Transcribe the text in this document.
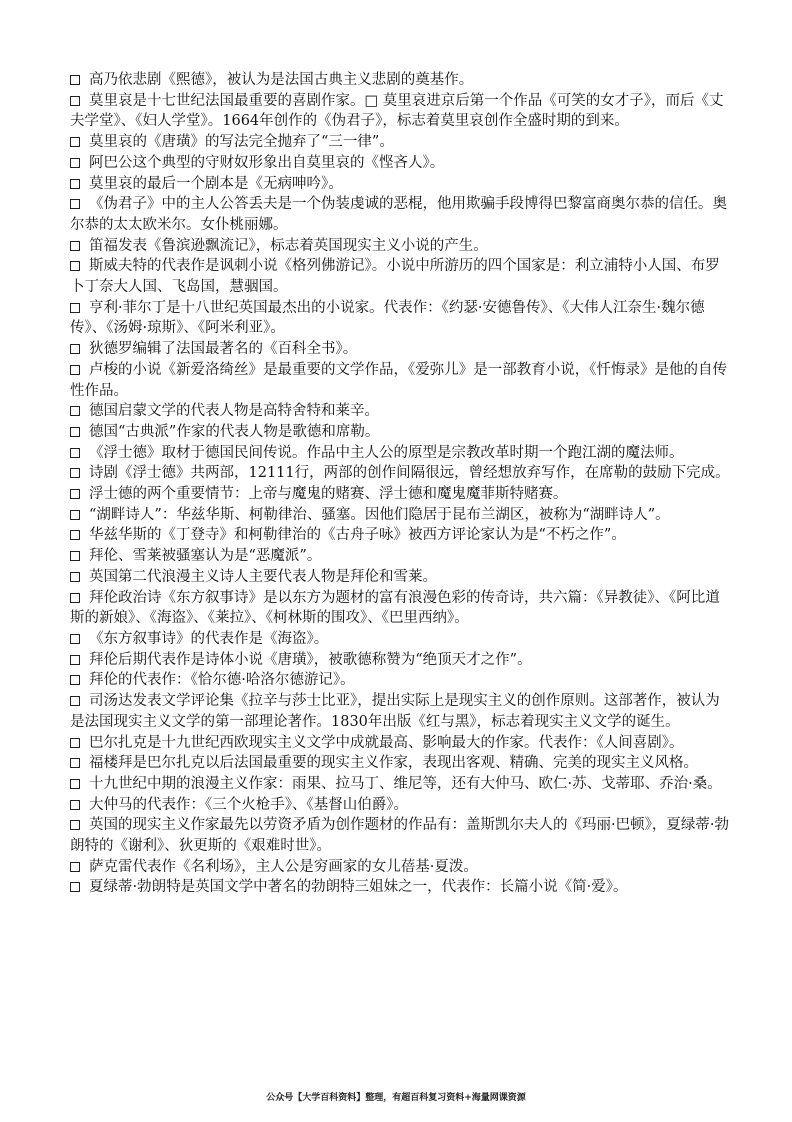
高乃依悲剧《熙德》，被认为是法国古典主义悲剧的奠基作。

莫里哀是十七世纪法国最重要的喜剧作家。□ 莫里哀进京后第一个作品《可笑的女才子》，而后《丈夫学堂》、《妇人学堂》。1664年创作的《伪君子》，标志着莫里哀创作全盛时期的到来。

莫里哀的《唐璜》的写法完全抛弃了“三一律”。

阿巴公这个典型的守财奴形象出自莫里哀的《悭吝人》。

莫里哀的最后一个剧本是《无病呻吟》。

《伪君子》中的主人公答丢夫是一个伪装虔诚的恶棍，他用欺骗手段博得巴黎富商奥尔恭的信任。奥尔恭的太太欧米尔。女仆桃丽娜。

笛福发表《鲁滨逊飘流记》，标志着英国现实主义小说的产生。

斯威夫特的代表作是讽刺小说《格列佛游记》。小说中所游历的四个国家是：利立浦特小人国、布罗卜丁奈大人国、飞岛国，慧骃国。

亨利·菲尔丁是十八世纪英国最杰出的小说家。代表作：《约瑟·安德鲁传》、《大伟人江奈生·魏尔德传》、《汤姆·琼斯》、《阿米利亚》。

狄德罗编辑了法国最著名的《百科全书》。

卢梭的小说《新爱洛绮丝》是最重要的文学作品，《爱弥儿》是一部教育小说，《忏悔录》是他的自传性作品。

德国启蒙文学的代表人物是高特舍特和莱辛。

德国“古典派”作家的代表人物是歌德和席勒。

《浮士德》取材于德国民间传说。作品中主人公的原型是宗教改革时期一个跑江湖的魔法师。

诗剧《浮士德》共两部，12111行，两部的创作间隔很远，曾经想放弃写作，在席勒的鼓励下完成。

浮士德的两个重要情节：上帝与魔鬼的赌赛、浮士德和魔鬼魔菲斯特赌赛。

“湖畔诗人”：华兹华斯、柯勒律治、骚塞。因他们隐居于昆布兰湖区，被称为“湖畔诗人”。

华兹华斯的《丁登寺》和柯勒律治的《古舟子咏》被西方评论家认为是“不朽之作”。

拜伦、雪莱被骚塞认为是“恶魔派”。

英国第二代浪漫主义诗人主要代表人物是拜伦和雪莱。

拜伦政治诗《东方叙事诗》是以东方为题材的富有浪漫色彩的传奇诗，共六篇：《异教徒》、《阿比道斯的新娘》、《海盗》、《莱拉》、《柯林斯的围攻》、《巴里西纳》。

《东方叙事诗》的代表作是《海盗》。

拜伦后期代表作是诗体小说《唐璜》，被歌德称赞为“绝顶天才之作”。

拜伦的代表作：《恰尔德·哈洛尔德游记》。

司汤达发表文学评论集《拉辛与莎士比亚》，提出实际上是现实主义的创作原则。这部著作，被认为是法国现实主义文学的第一部理论著作。1830年出版《红与黑》，标志着现实主义文学的诞生。

巴尔扎克是十九世纪西欧现实主义文学中成就最高、影响最大的作家。代表作：《人间喜剧》。

福楼拜是巴尔扎克以后法国最重要的现实主义作家，表现出客观、精确、完美的现实主义风格。

十九世纪中期的浪漫主义作家：雨果、拉马丁、维尼等，还有大仲马、欧仁·苏、戈蒂耶、乔治·桑。

大仲马的代表作：《三个火枪手》、《基督山伯爵》。

英国的现实主义作家最先以劳资矛盾为创作题材的作品有：盖斯凯尔夫人的《玛丽·巴顿》，夏绿蒂·勃朗特的《谢利》、狄更斯的《艰难时世》。

萨克雷代表作《名利场》，主人公是穷画家的女儿蓓基·夏泼。

夏绿蒂·勃朗特是英国文学中著名的勃朗特三姐妹之一，代表作：长篇小说《简·爱》。

公众号【大学百科资料】整理，有超百科复习资料+海量网课资源
